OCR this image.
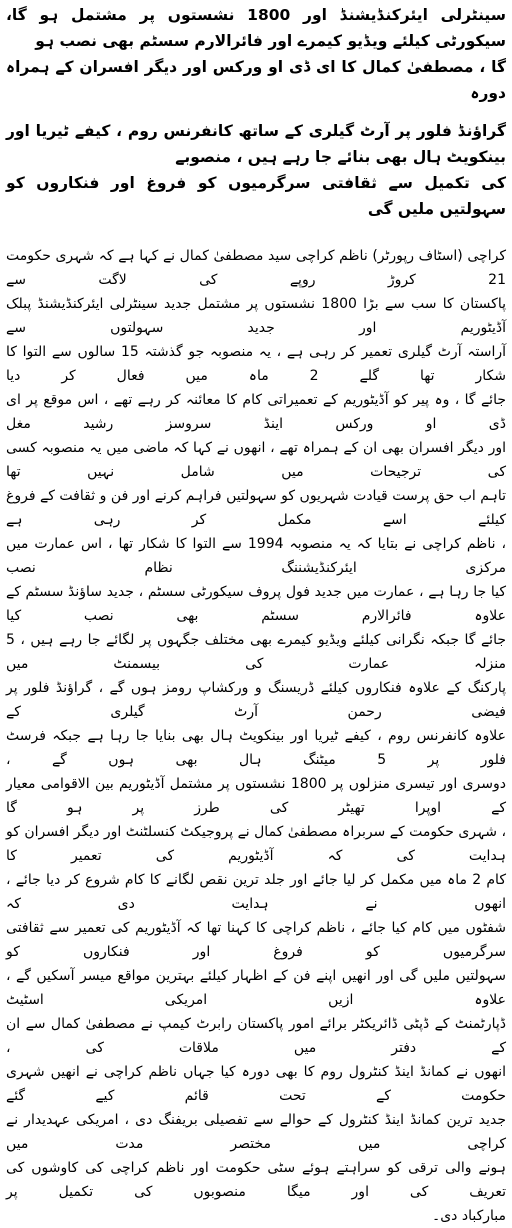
سینٹرلی ایئرکنڈیشنڈ اور 1800 نشستوں پر مشتمل ہو گا، سیکورٹی کیلئے ویڈیو کیمرے اور فائرالارم سسٹم بھی نصب ہو

گا ، مصطفیٰ کمال کا ای ڈی او ورکس اور دیگر افسران کے ہمراہ دورہ

گراؤنڈ فلور پر آرٹ گیلری کے ساتھ کانفرنس روم ، کیفے ٹیریا اور بینکویٹ ہال بھی بنائے جا رہے ہیں ، منصوبے

کی تکمیل سے ثقافتی سرگرمیوں کو فروغ اور فنکاروں کو سہولتیں ملیں گی

کراچی (اسٹاف رپورٹر) ناظم کراچی سید مصطفیٰ کمال نے کہا ہے کہ شہری حکومت 21 کروڑ روپے کی لاگت سے

پاکستان کا سب سے بڑا 1800 نشستوں پر مشتمل جدید سینٹرلی ایئرکنڈیشنڈ پبلک آڈیٹوریم اور جدید سہولتوں سے

آراستہ آرٹ گیلری تعمیر کر رہی ہے ، یہ منصوبہ جو گذشتہ 15 سالوں سے التوا کا شکار تھا گلے 2 ماہ میں فعال کر دیا

جائے گا ، وہ پیر کو آڈیٹوریم کے تعمیراتی کام کا معائنہ کر رہے تھے ، اس موقع پر ای ڈی او ورکس اینڈ سروسز رشید مغل

اور دیگر افسران بھی ان کے ہمراہ تھے ، انھوں نے کہا کہ ماضی میں یہ منصوبہ کسی کی ترجیحات میں شامل نہیں تھا

تاہم اب حق پرست قیادت شہریوں کو سہولتیں فراہم کرنے اور فن و ثقافت کے فروغ کیلئے اسے مکمل کر رہی ہے

، ناظم کراچی نے بتایا کہ یہ منصوبہ 1994 سے التوا کا شکار تھا ، اس عمارت میں مرکزی ایئرکنڈیشننگ نظام نصب

کیا جا رہا ہے ، عمارت میں جدید فول پروف سیکورٹی سسٹم ، جدید ساؤنڈ سسٹم کے علاوہ فائرالارم سسٹم بھی نصب کیا

جائے گا جبکہ نگرانی کیلئے ویڈیو کیمرے بھی مختلف جگہوں پر لگائے جا رہے ہیں ، 5 منزلہ عمارت کی بیسمنٹ میں

پارکنگ کے علاوہ فنکاروں کیلئے ڈریسنگ و ورکشاپ رومز ہوں گے ، گراؤنڈ فلور پر فیضی رحمن آرٹ گیلری کے

علاوہ کانفرنس روم ، کیفے ٹیریا اور بینکویٹ ہال بھی بنایا جا رہا ہے جبکہ فرسٹ فلور پر 5 میٹنگ ہال بھی ہوں گے ،

دوسری اور تیسری منزلوں پر 1800 نشستوں پر مشتمل آڈیٹوریم بین الاقوامی معیار کے اوپرا تھیٹر کی طرز پر ہو گا

، شہری حکومت کے سربراہ مصطفیٰ کمال نے پروجیکٹ کنسلٹنٹ اور دیگر افسران کو ہدایت کی کہ آڈیٹوریم کی تعمیر کا

کام 2 ماہ میں مکمل کر لیا جائے اور جلد ترین نقص لگانے کا کام شروع کر دیا جائے ، انھوں نے ہدایت دی کہ

شفٹوں میں کام کیا جائے ، ناظم کراچی کا کہنا تھا کہ آڈیٹوریم کی تعمیر سے ثقافتی سرگرمیوں کو فروغ اور فنکاروں کو

سہولتیں ملیں گی اور انھیں اپنے فن کے اظہار کیلئے بہترین مواقع میسر آسکیں گے ، علاوہ ازیں امریکی اسٹیٹ

ڈپارٹمنٹ کے ڈپٹی ڈائریکٹر برائے امور پاکستان رابرٹ کیمپ نے مصطفیٰ کمال سے ان کے دفتر میں ملاقات کی ،

انھوں نے کمانڈ اینڈ کنٹرول روم کا بھی دورہ کیا جہاں ناظم کراچی نے انھیں شہری حکومت کے تحت قائم کیے گئے

جدید ترین کمانڈ اینڈ کنٹرول کے حوالے سے تفصیلی بریفنگ دی ، امریکی عہدیدار نے کراچی میں مختصر مدت میں

ہونے والی ترقی کو سراہتے ہوئے سٹی حکومت اور ناظم کراچی کی کاوشوں کی تعریف کی اور میگا منصوبوں کی تکمیل پر

مبارکباد دی۔
